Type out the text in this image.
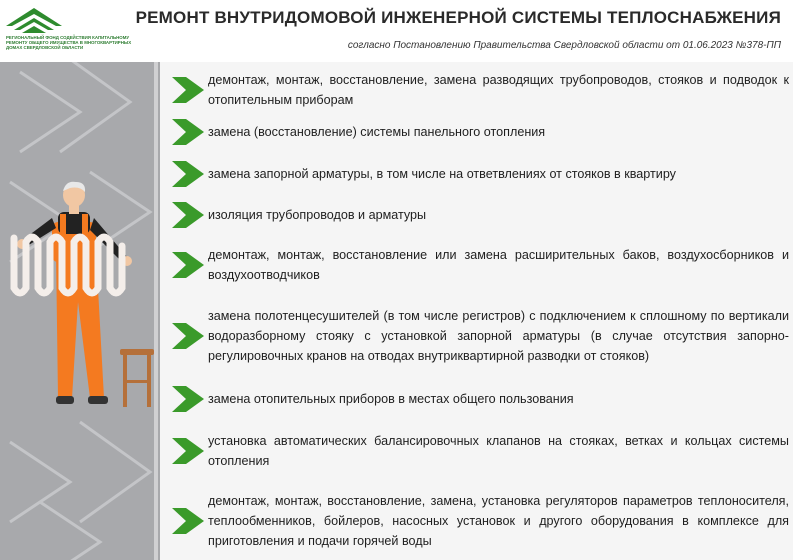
РЕГИОНАЛЬНЫЙ ФОНД СОДЕЙСТВИЯ КАПИТАЛЬНОМУ РЕМОНТУ ОБЩЕГО ИМУЩЕСТВА В МНОГОКВАРТИРНЫХ ДОМАХ СВЕРДЛОВСКОЙ ОБЛАСТИ
РЕМОНТ ВНУТРИДОМОВОЙ ИНЖЕНЕРНОЙ СИСТЕМЫ ТЕПЛОСНАБЖЕНИЯ
согласно Постановлению Правительства Свердловской области от 01.06.2023 №378-ПП
демонтаж, монтаж, восстановление, замена разводящих трубопроводов, стояков и подводок к отопительным приборам
замена (восстановление) системы панельного отопления
замена запорной арматуры, в том числе на ответвлениях от стояков в квартиру
изоляция трубопроводов и арматуры
демонтаж, монтаж, восстановление или замена расширительных баков, воздухосборников и воздухоотводчиков
замена полотенцесушителей (в том числе регистров) с подключением к сплошному по вертикали водоразборному стояку с установкой запорной арматуры (в случае отсутствия запорно-регулировочных кранов на отводах внутриквартирной разводки от стояков)
замена отопительных приборов в местах общего пользования
установка автоматических балансировочных клапанов на стояках, ветках и кольцах системы отопления
демонтаж, монтаж, восстановление, замена, установка регуляторов параметров теплоносителя, теплообменников, бойлеров, насосных установок и другого оборудования в комплексе для приготовления и подачи горячей воды
